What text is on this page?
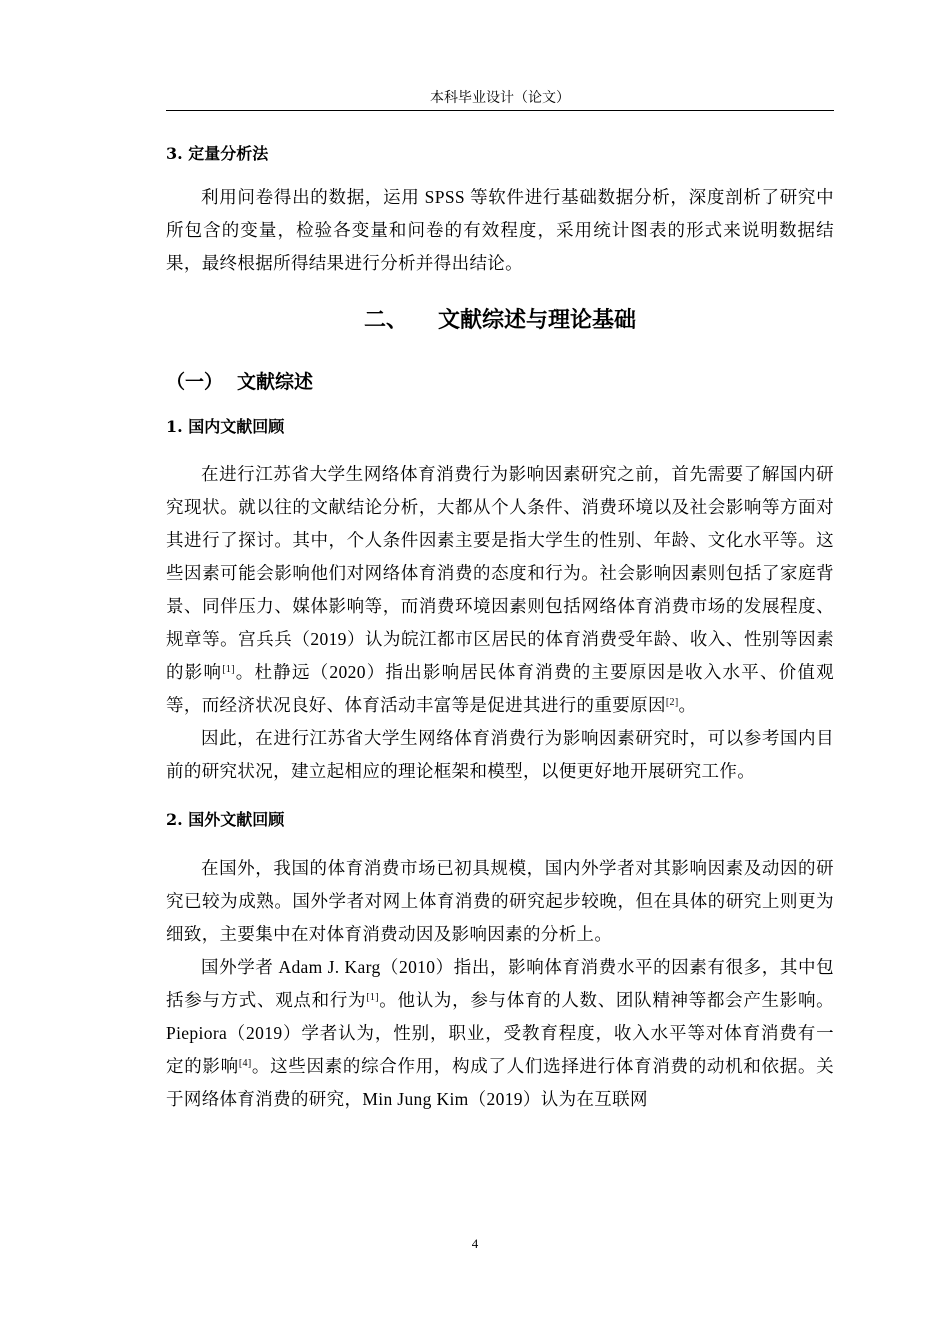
本科毕业设计（论文）
3. 定量分析法

利用问卷得出的数据，运用 SPSS 等软件进行基础数据分析，深度剖析了研究中所包含的变量，检验各变量和问卷的有效程度，采用统计图表的形式来说明数据结果，最终根据所得结果进行分析并得出结论。

二、 文献综述与理论基础
（一） 文献综述
1. 国内文献回顾

在进行江苏省大学生网络体育消费行为影响因素研究之前，首先需要了解国内研究现状。就以往的文献结论分析，大都从个人条件、消费环境以及社会影响等方面对其进行了探讨。其中，个人条件因素主要是指大学生的性别、年龄、文化水平等。这些因素可能会影响他们对网络体育消费的态度和行为。社会影响因素则包括了家庭背景、同伴压力、媒体影响等，而消费环境因素则包括网络体育消费市场的发展程度、规章等。宫兵兵（2019）认为皖江都市区居民的体育消费受年龄、收入、性别等因素的影响[1]。杜静远（2020）指出影响居民体育消费的主要原因是收入水平、价值观等，而经济状况良好、体育活动丰富等是促进其进行的重要原因[2]。

因此，在进行江苏省大学生网络体育消费行为影响因素研究时，可以参考国内目前的研究状况，建立起相应的理论框架和模型，以便更好地开展研究工作。

2. 国外文献回顾

在国外，我国的体育消费市场已初具规模，国内外学者对其影响因素及动因的研究已较为成熟。国外学者对网上体育消费的研究起步较晚，但在具体的研究上则更为细致，主要集中在对体育消费动因及影响因素的分析上。

国外学者 Adam J. Karg（2010）指出，影响体育消费水平的因素有很多，其中包括参与方式、观点和行为[1]。他认为，参与体育的人数、团队精神等都会产生影响。Piepiora（2019）学者认为，性别，职业，受教育程度，收入水平等对体育消费有一定的影响[4]。这些因素的综合作用，构成了人们选择进行体育消费的动机和依据。关于网络体育消费的研究，Min Jung Kim（2019）认为在互联网

4
